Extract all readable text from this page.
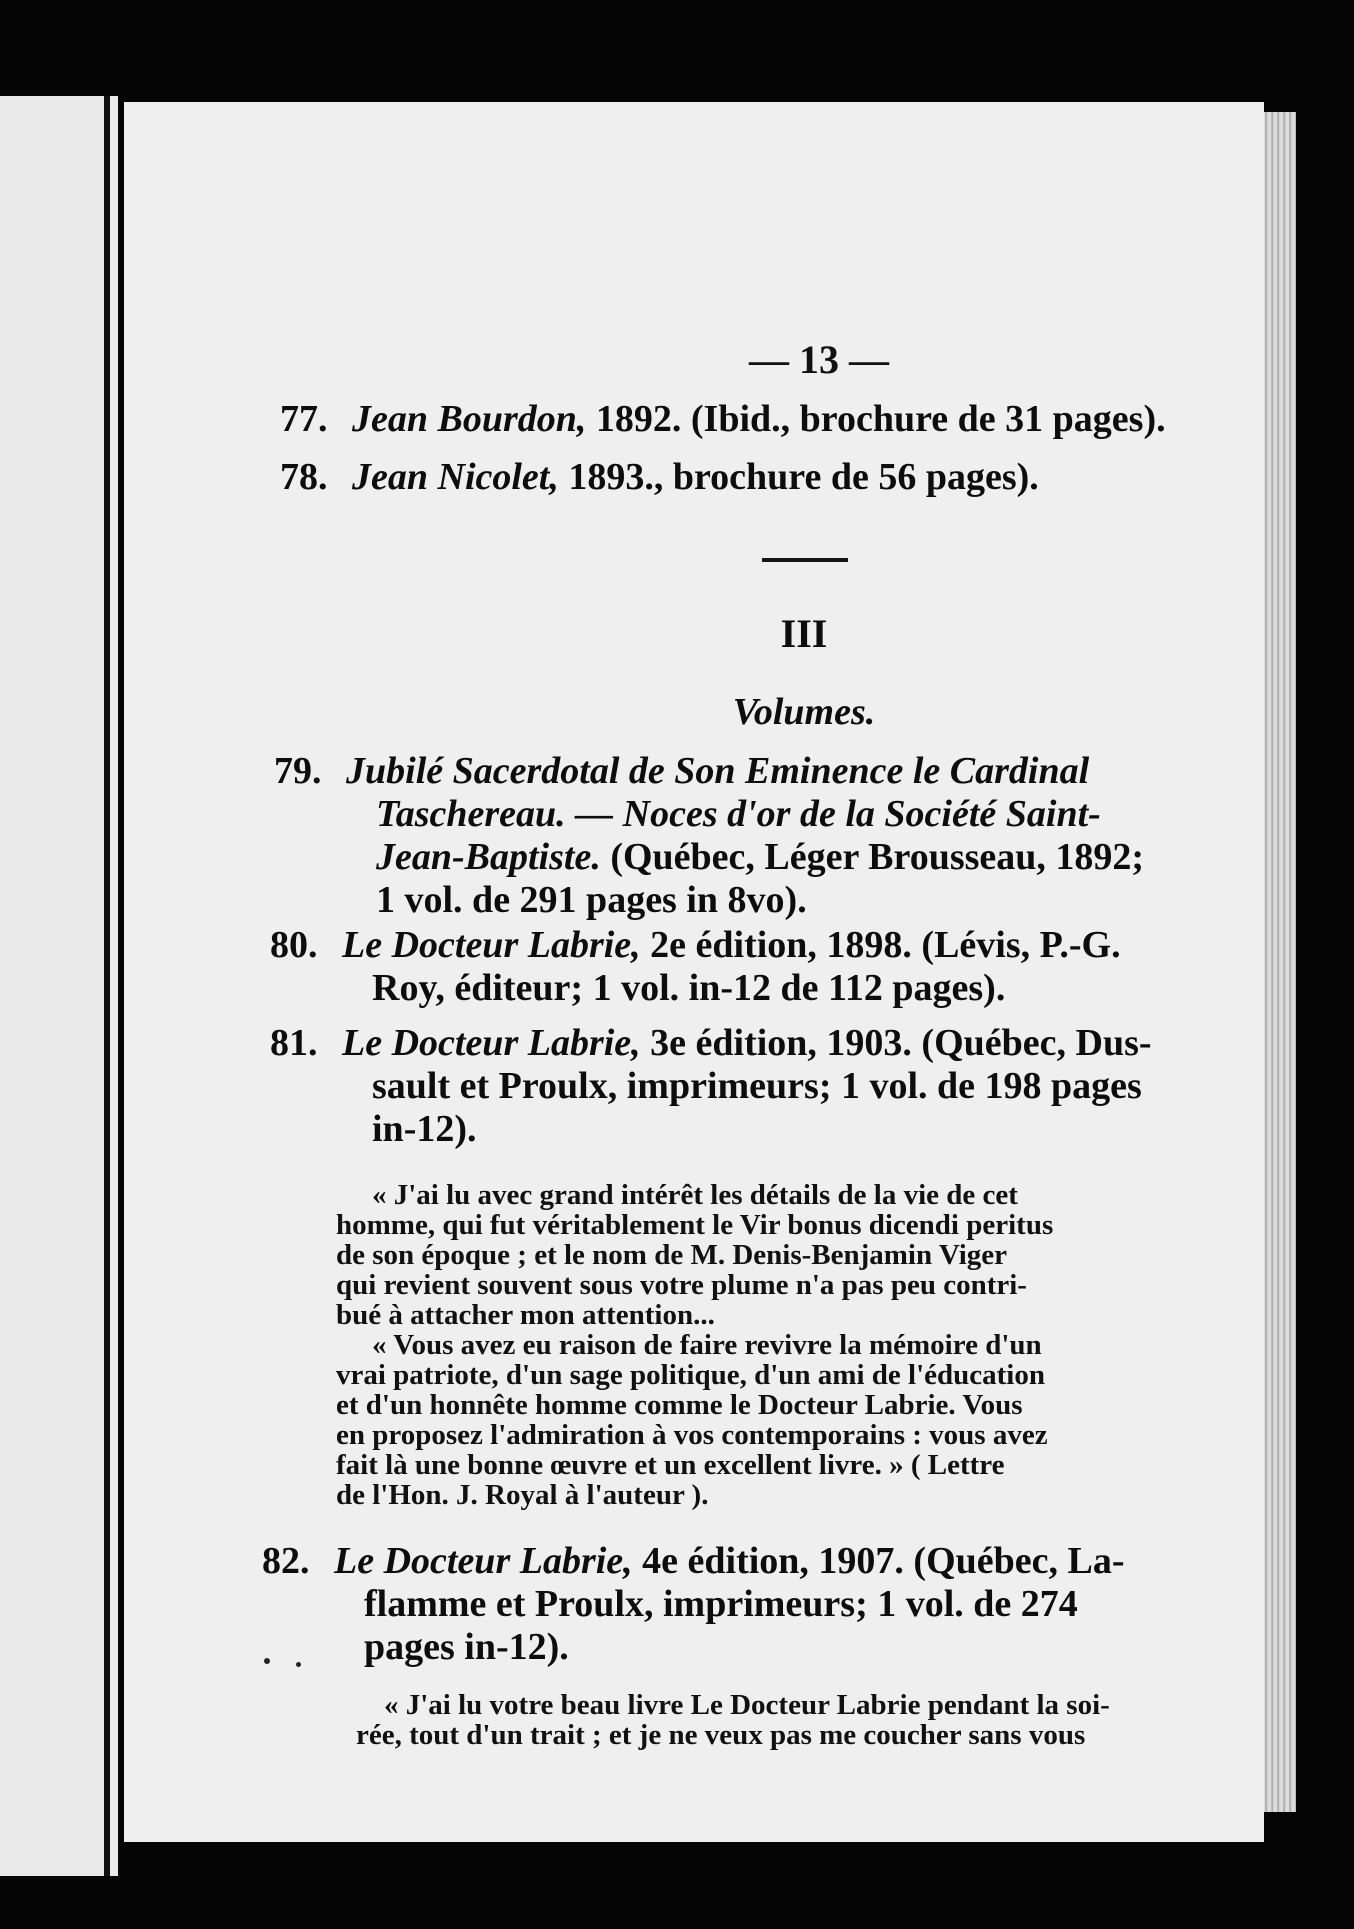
— 13 —
77. Jean Bourdon, 1892. (Ibid., brochure de 31 pages).
78. Jean Nicolet, 1893., brochure de 56 pages).
III
Volumes.
79. Jubilé Sacerdotal de Son Eminence le Cardinal
Taschereau. — Noces d'or de la Société Saint-
Jean-Baptiste. (Québec, Léger Brousseau, 1892;
1 vol. de 291 pages in 8vo).
80. Le Docteur Labrie, 2e édition, 1898. (Lévis, P.-G.
Roy, éditeur; 1 vol. in-12 de 112 pages).
81. Le Docteur Labrie, 3e édition, 1903. (Québec, Dus-
sault et Proulx, imprimeurs; 1 vol. de 198 pages
in-12).
« J'ai lu avec grand intérêt les détails de la vie de cet
homme, qui fut véritablement le Vir bonus dicendi peritus
de son époque ; et le nom de M. Denis-Benjamin Viger
qui revient souvent sous votre plume n'a pas peu contri-
bué à attacher mon attention...
« Vous avez eu raison de faire revivre la mémoire d'un
vrai patriote, d'un sage politique, d'un ami de l'éducation
et d'un honnête homme comme le Docteur Labrie. Vous
en proposez l'admiration à vos contemporains : vous avez
fait là une bonne œuvre et un excellent livre. » ( Lettre
de l'Hon. J. Royal à l'auteur ).
82. Le Docteur Labrie, 4e édition, 1907. (Québec, La-
flamme et Proulx, imprimeurs; 1 vol. de 274
pages in-12).
« J'ai lu votre beau livre Le Docteur Labrie pendant la soi-
rée, tout d'un trait ; et je ne veux pas me coucher sans vous
